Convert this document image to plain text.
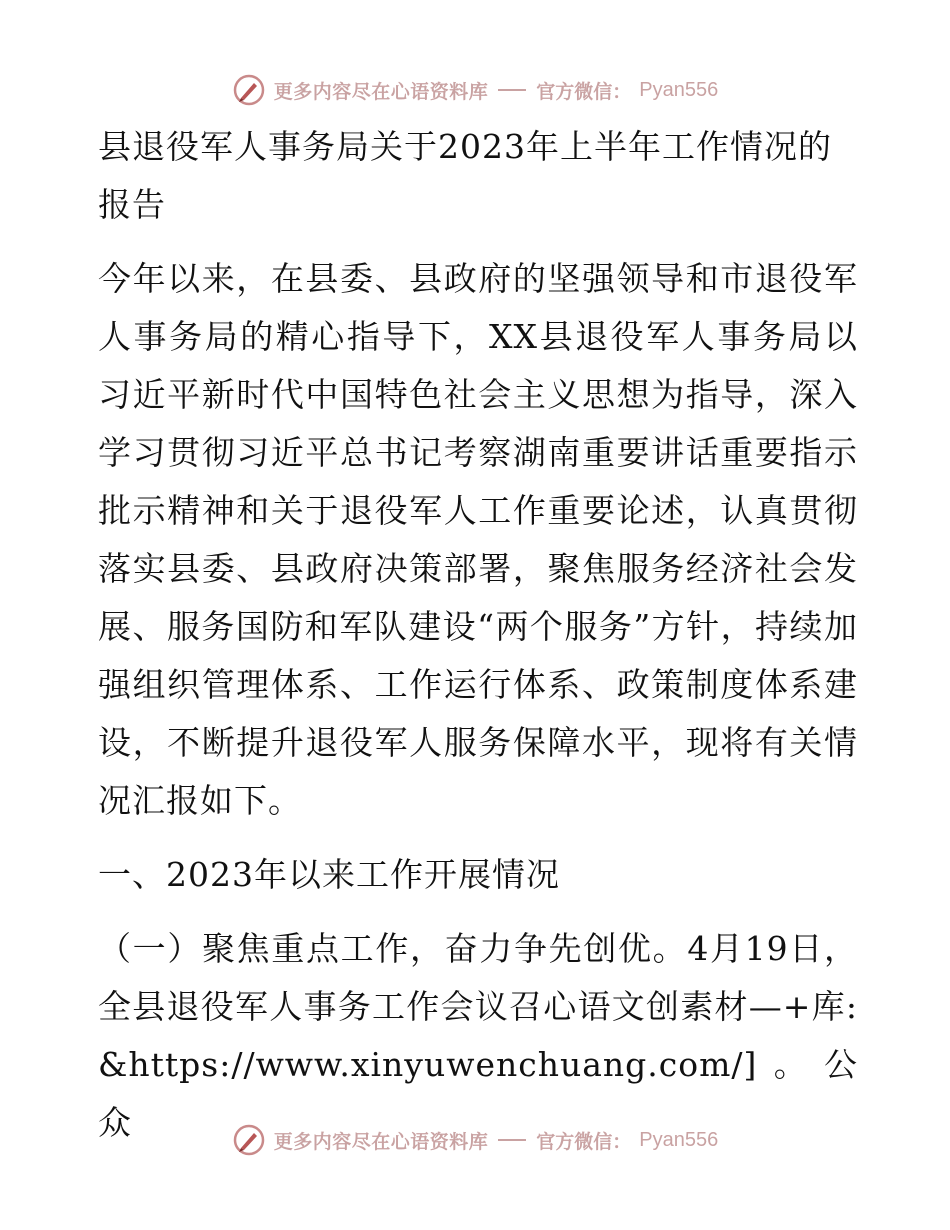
更多内容尽在心语资料库	官方微信： Pyan556
县退役军人事务局关于2023年上半年工作情况的报告

今年以来，在县委、县政府的坚强领导和市退役军人事务局的精心指导下，XX县退役军人事务局以习近平新时代中国特色社会主义思想为指导，深入学习贯彻习近平总书记考察湖南重要讲话重要指示批示精神和关于退役军人工作重要论述，认真贯彻落实县委、县政府决策部署，聚焦服务经济社会发展、服务国防和军队建设“两个服务”方针，持续加强组织管理体系、工作运行体系、政策制度体系建设，不断提升退役军人服务保障水平，现将有关情况汇报如下。

一、2023年以来工作开展情况

（一）聚焦重点工作，奋力争先创优。4月19日，全县退役军人事务工作会议召心语文创素材—+库: &https://www.xinyuwenchuang.com/]。公众	更多内容尽在心语资料库	官方微信： Pyan556
